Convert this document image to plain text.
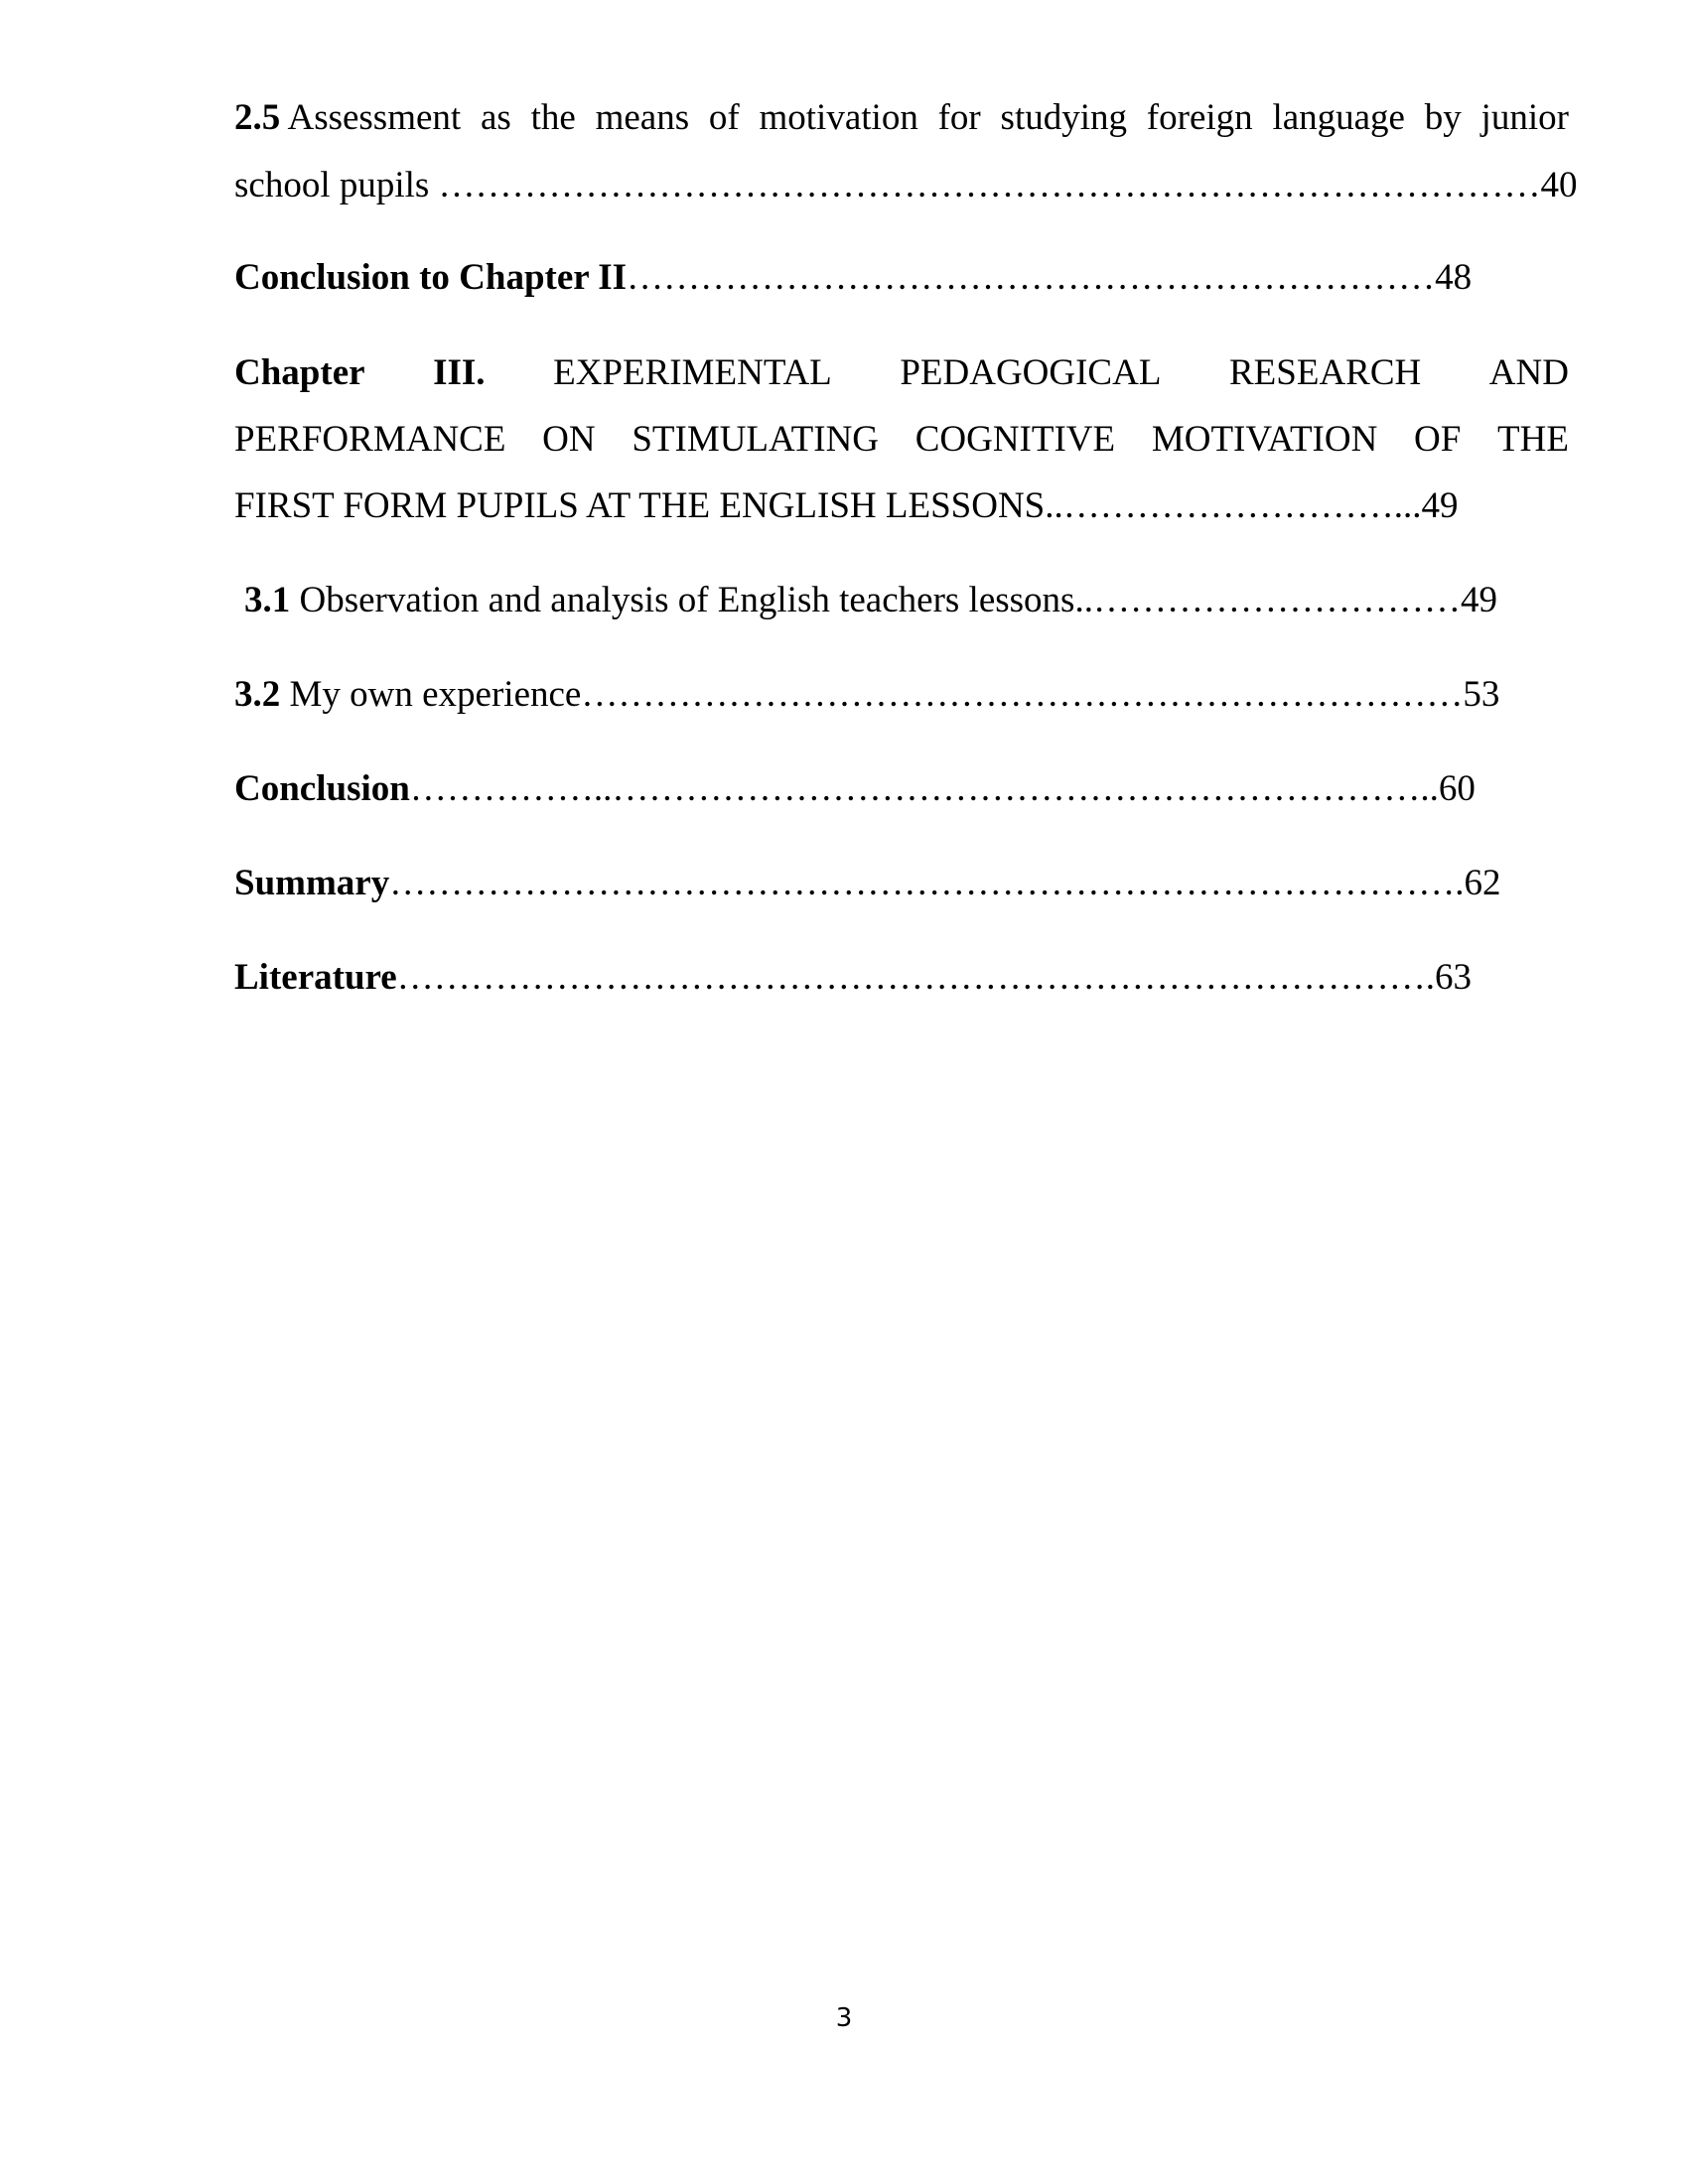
2.5 Assessment as the means of motivation for studying foreign language by junior
school pupils ………………………………………………………………………………40
Conclusion to Chapter II…………………………………………………………48
Chapter III. EXPERIMENTAL PEDAGOGICAL RESEARCH AND
PERFORMANCE ON STIMULATING COGNITIVE MOTIVATION OF THE
FIRST FORM PUPILS AT THE ENGLISH LESSONS..………………………...49
3.1 Observation and analysis of English teachers lessons..…………………………49
3.2 My own experience………………………………………………………………53
Conclusion……………..…………………………………………………………..60
Summary…………………………………………………………………………….62
Literature………………………………………………………………………….63
3
